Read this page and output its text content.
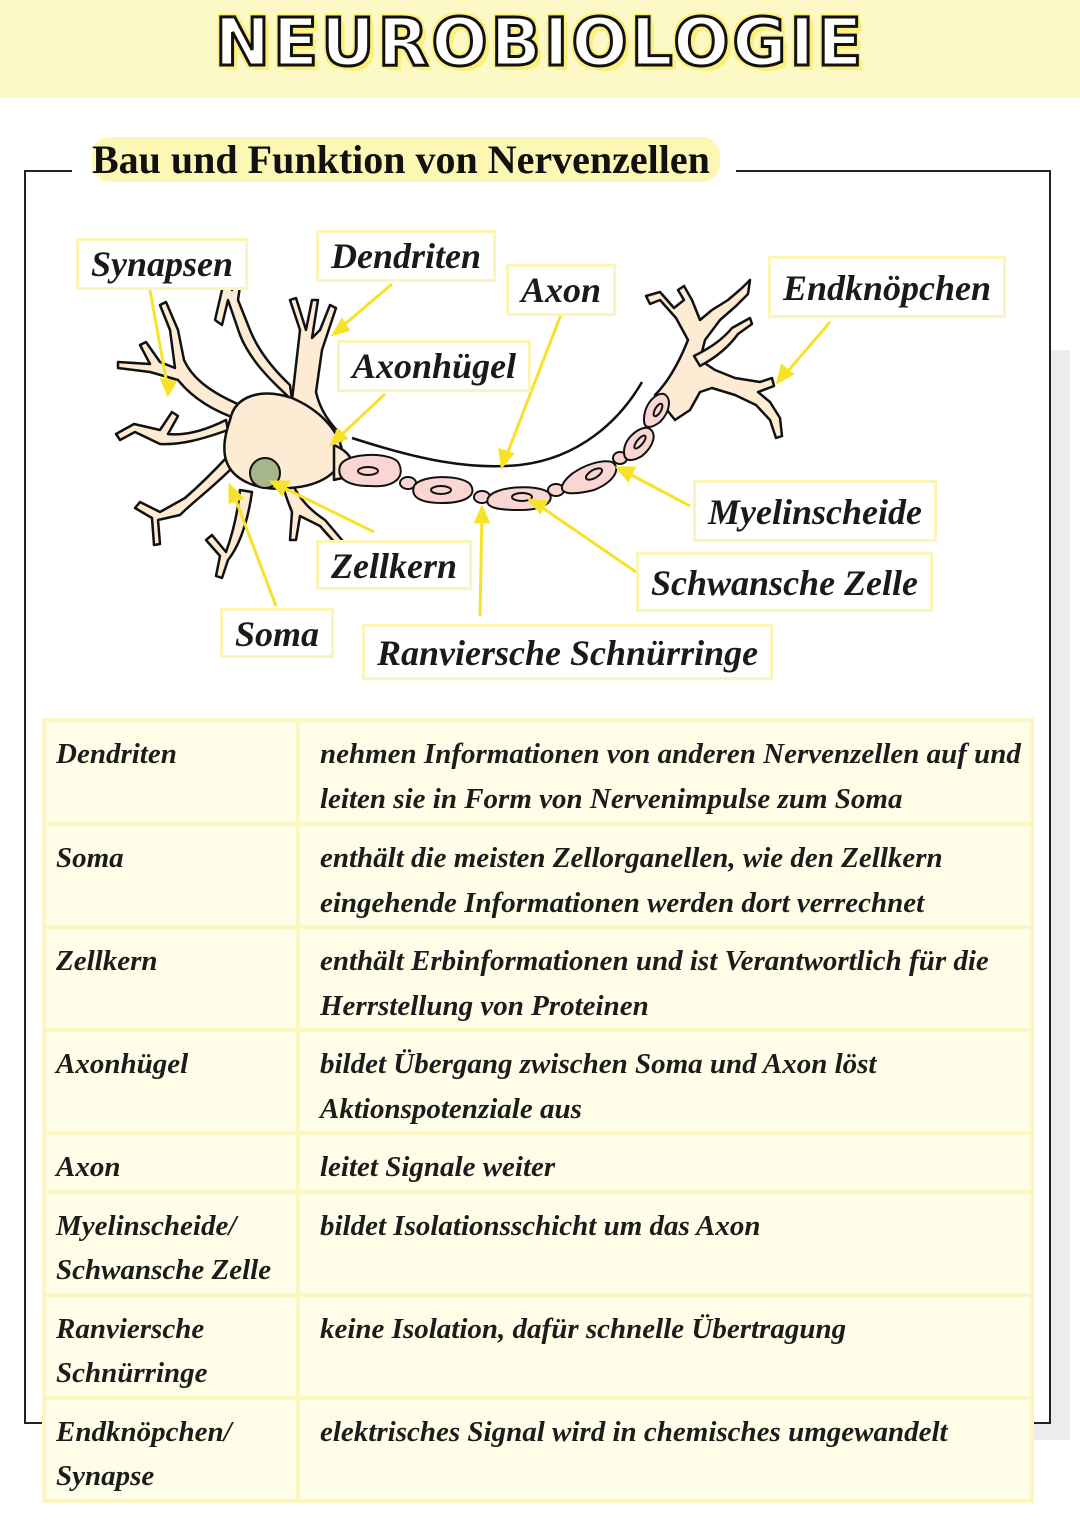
NEUROBIOLOGIE
Bau und Funktion von Nervenzellen
Synapsen	Dendriten
Axon	Endknöpchen
Axonhügel
Myelinscheide
Schwansche Zelle
Zellkern
Soma	Ranviersche Schnürringe
Dendriten	nehmen Informationen von anderen Nervenzellen auf und leiten sie in Form von Nervenimpulse zum Soma
Soma	enthält die meisten Zellorganellen, wie den Zellkern eingehende Informationen werden dort verrechnet
Zellkern	enthält Erbinformationen und ist Verantwortlich für die Herrstellung von Proteinen
Axonhügel	bildet Übergang zwischen Soma und Axon löst Aktionspotenziale aus
Axon	leitet Signale weiter
Myelinscheide/ Schwansche Zelle	bildet Isolationsschicht um das Axon
Ranviersche Schnürringe	keine Isolation, dafür schnelle Übertragung
Endknöpchen/ Synapse	elektrisches Signal wird in chemisches umgewandelt
